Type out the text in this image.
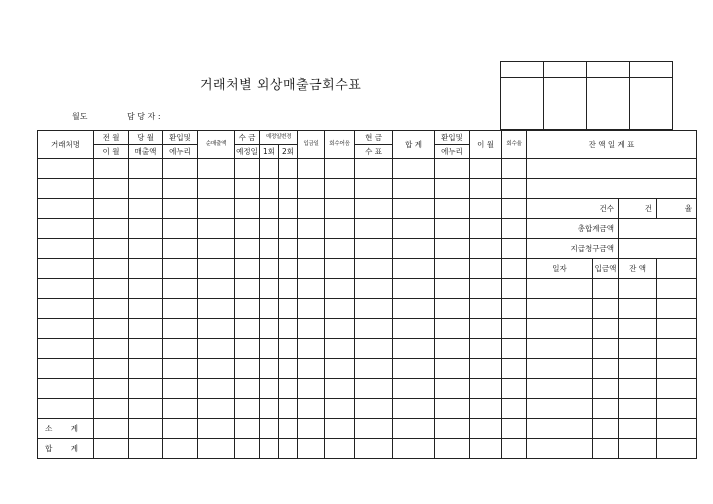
거래처별 외상매출금회수표
월도	담 당 자 :

거래처명	전 월	당 월	환입및	순매출액	수 금	예정일변경		입금일	회수어음	현 금	합 계	환입및	이 월	회수율	잔 액 일 계 표			
	이 월	매출액	에누리		예정일	1회	2회			수 표		에누리						

															건수		건	율
															총합계금액			
															지급청구금액			
															일자	입금액	잔 액	

소 계																		
합 계																		
